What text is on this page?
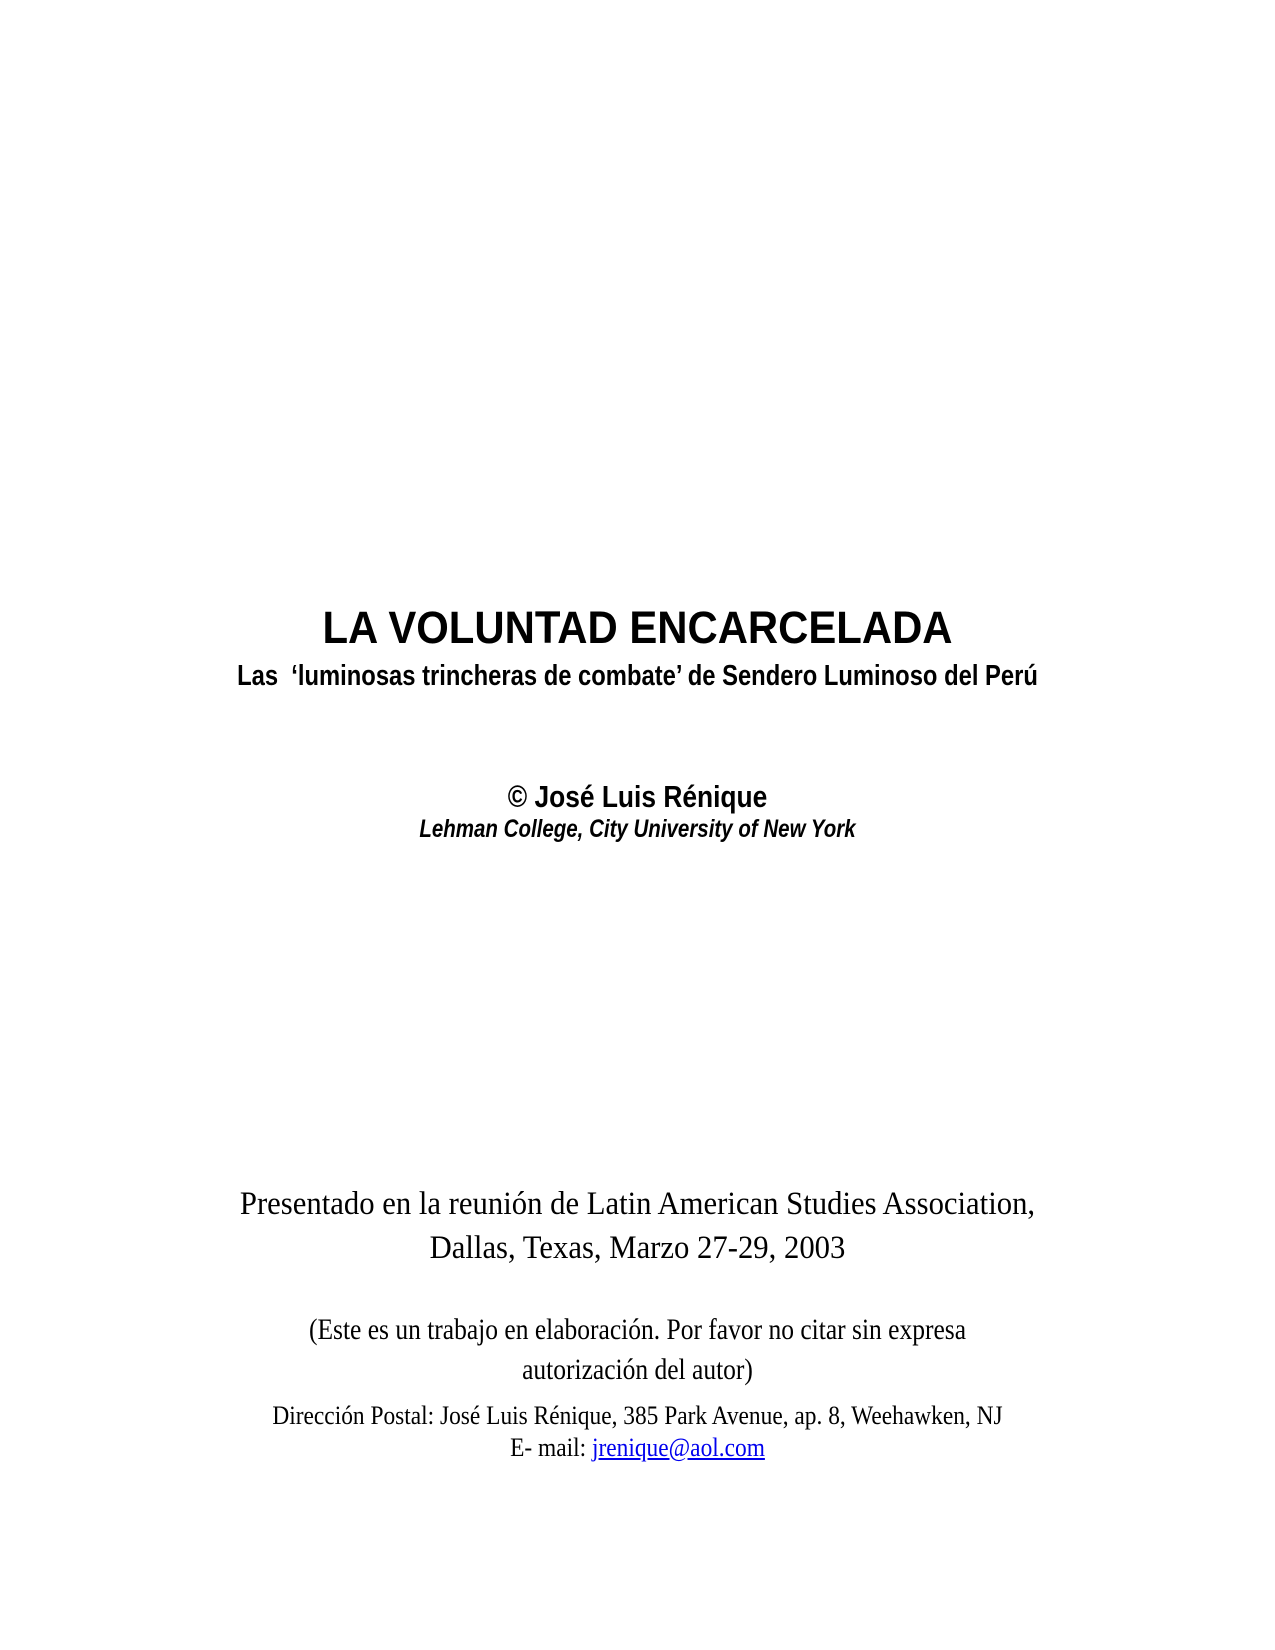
LA VOLUNTAD ENCARCELADA
Las  ‘luminosas trincheras de combate’ de Sendero Luminoso del Perú
© José Luis Rénique
Lehman College, City University of New York
Presentado en la reunión de Latin American Studies Association,
Dallas, Texas, Marzo 27-29, 2003
(Este es un trabajo en elaboración. Por favor no citar sin expresa
autorización del autor)
Dirección Postal: José Luis Rénique, 385 Park Avenue, ap. 8, Weehawken, NJ
E- mail: jrenique@aol.com
